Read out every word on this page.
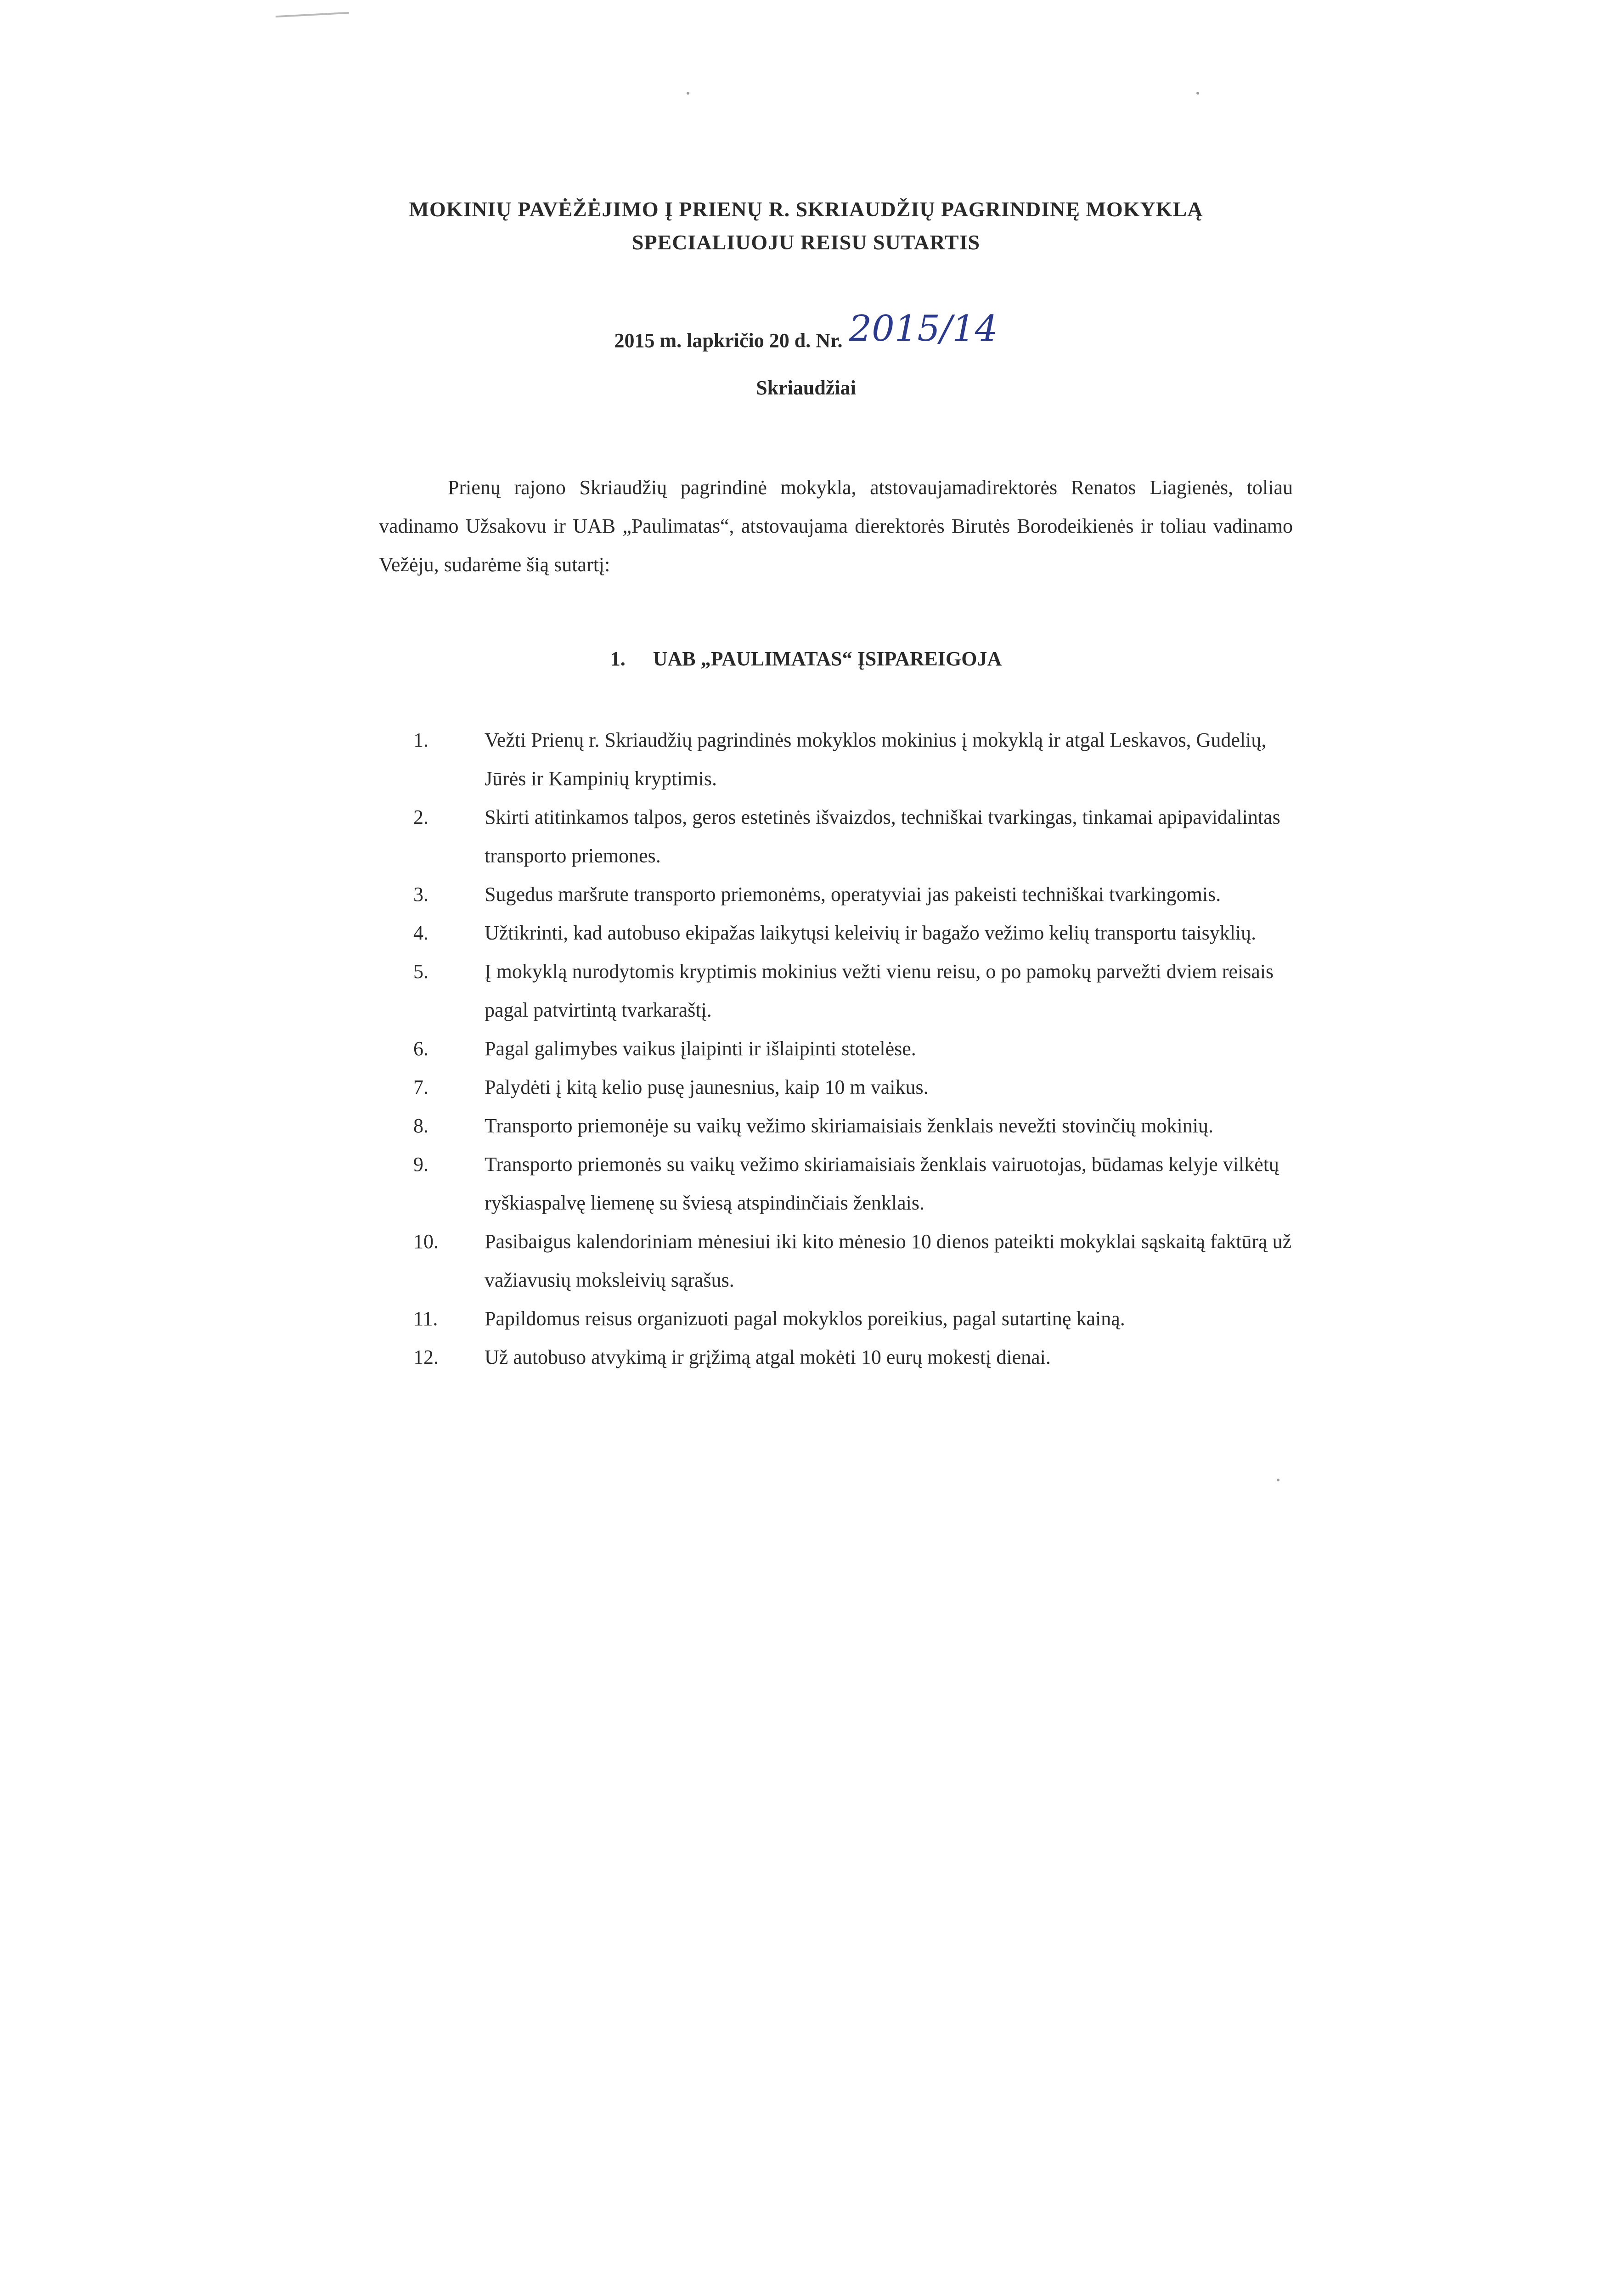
MOKINIŲ PAVĖŽĖJIMO Į PRIENŲ R. SKRIAUDŽIŲ PAGRINDINĘ MOKYKLĄ
SPECIALIUOJU REISU SUTARTIS
2015 m. lapkričio 20 d. Nr. 2015/14
Skriaudžiai
Prienų rajono Skriaudžių pagrindinė mokykla, atstovaujamadirektorės Renatos Liagienės, toliau vadinamo Užsakovu ir UAB „Paulimatas“, atstovaujama dierektorės Birutės Borodeikienės ir toliau vadinamo Vežėju, sudarėme šią sutartį:
1. UAB „PAULIMATAS“ ĮSIPAREIGOJA
1.	Vežti Prienų r. Skriaudžių pagrindinės mokyklos mokinius į mokyklą ir atgal Leskavos, Gudelių, Jūrės ir Kampinių kryptimis.
2.	Skirti atitinkamos talpos, geros estetinės išvaizdos, techniškai tvarkingas, tinkamai apipavidalintas transporto priemones.
3.	Sugedus maršrute transporto priemonėms, operatyviai jas pakeisti techniškai tvarkingomis.
4.	Užtikrinti, kad autobuso ekipažas laikytųsi keleivių ir bagažo vežimo kelių transportu taisyklių.
5.	Į mokyklą nurodytomis kryptimis mokinius vežti vienu reisu, o po pamokų parvežti dviem reisais pagal patvirtintą tvarkaraštį.
6.	Pagal galimybes vaikus įlaipinti ir išlaipinti stotelėse.
7.	Palydėti į kitą kelio pusę jaunesnius, kaip 10 m vaikus.
8.	Transporto priemonėje su vaikų vežimo skiriamaisiais ženklais nevežti stovinčių mokinių.
9.	Transporto priemonės su vaikų vežimo skiriamaisiais ženklais vairuotojas, būdamas kelyje vilkėtų ryškiaspalvę liemenę su šviesą atspindinčiais ženklais.
10.	Pasibaigus kalendoriniam mėnesiui iki kito mėnesio 10 dienos pateikti mokyklai sąskaitą faktūrą už važiavusių moksleivių sąrašus.
11.	Papildomus reisus organizuoti pagal mokyklos poreikius, pagal sutartinę kainą.
12.	Už autobuso atvykimą ir grįžimą atgal mokėti 10 eurų mokestį dienai.
